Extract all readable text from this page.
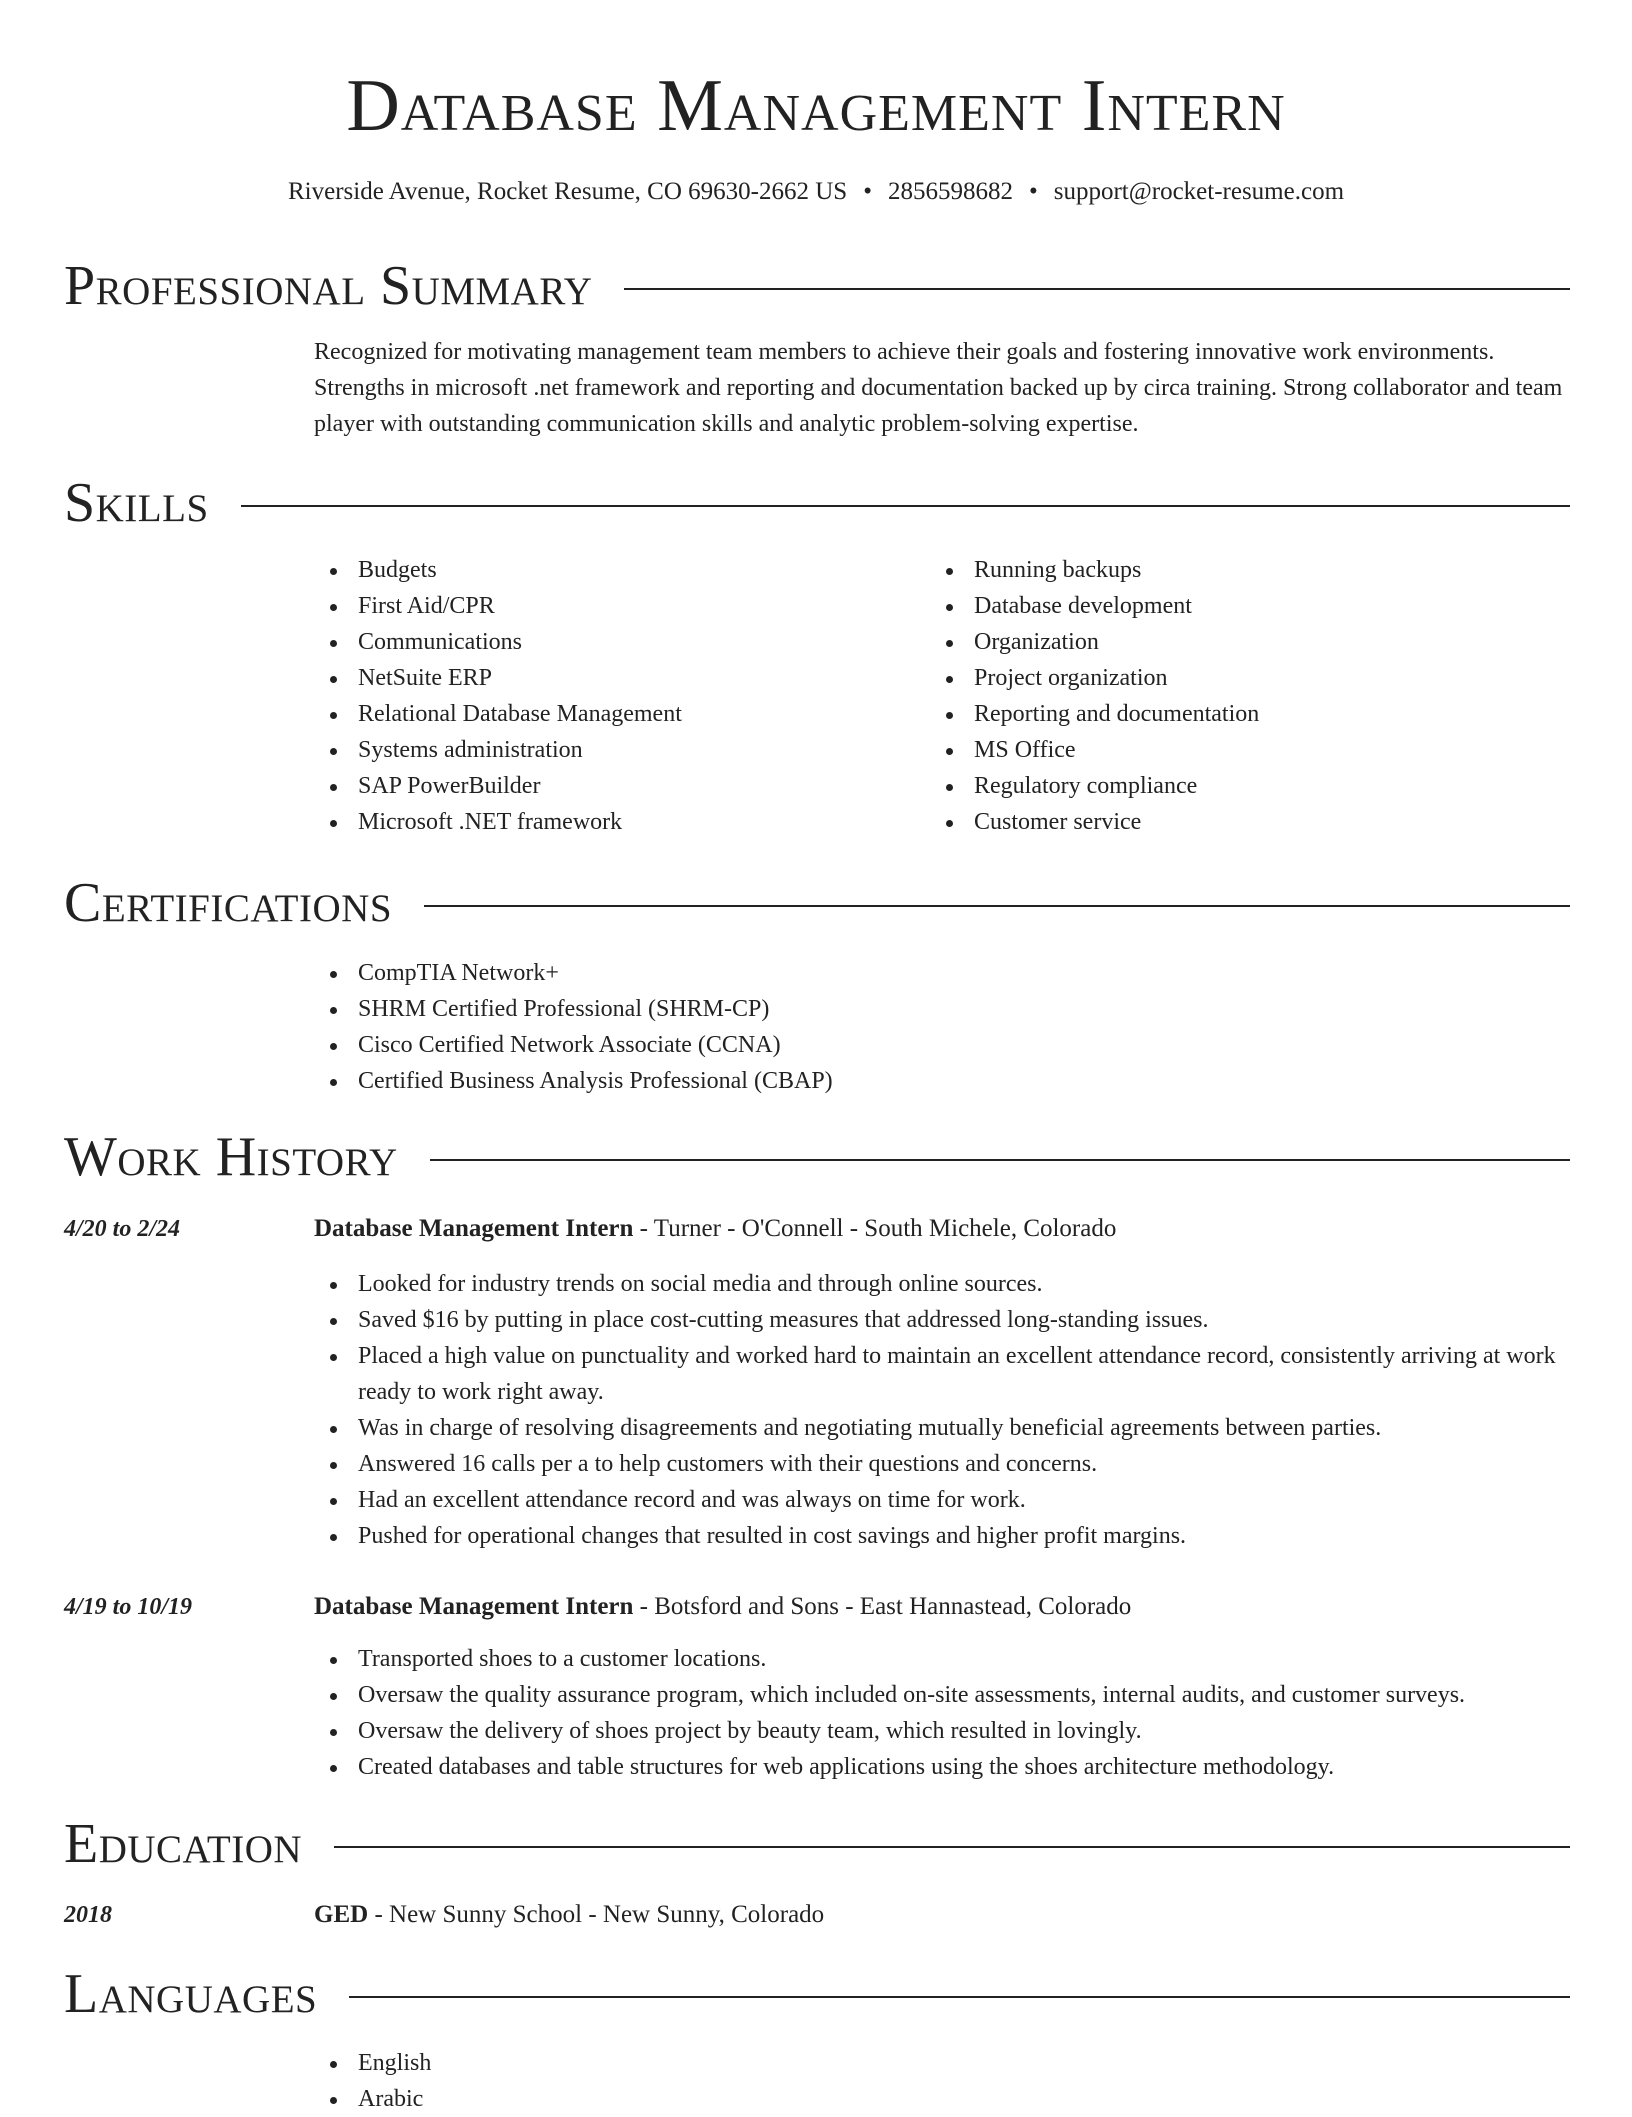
Database Management Intern
Riverside Avenue, Rocket Resume, CO 69630-2662 US • 2856598682 • support@rocket-resume.com
Professional Summary

Recognized for motivating management team members to achieve their goals and fostering innovative work environments. Strengths in microsoft .net framework and reporting and documentation backed up by circa training. Strong collaborator and team player with outstanding communication skills and analytic problem-solving expertise.

Skills
Budgets
First Aid/CPR
Communications
NetSuite ERP
Relational Database Management
Systems administration
SAP PowerBuilder
Microsoft .NET framework
Running backups
Database development
Organization
Project organization
Reporting and documentation
MS Office
Regulatory compliance
Customer service
Certifications
CompTIA Network+
SHRM Certified Professional (SHRM-CP)
Cisco Certified Network Associate (CCNA)
Certified Business Analysis Professional (CBAP)
Work History
4/20 to 2/24	Database Management Intern - Turner - O'Connell - South Michele, Colorado
Looked for industry trends on social media and through online sources.
Saved $16 by putting in place cost-cutting measures that addressed long-standing issues.
Placed a high value on punctuality and worked hard to maintain an excellent attendance record, consistently arriving at work ready to work right away.
Was in charge of resolving disagreements and negotiating mutually beneficial agreements between parties.
Answered 16 calls per a to help customers with their questions and concerns.
Had an excellent attendance record and was always on time for work.
Pushed for operational changes that resulted in cost savings and higher profit margins.
4/19 to 10/19	Database Management Intern - Botsford and Sons - East Hannastead, Colorado
Transported shoes to a customer locations.
Oversaw the quality assurance program, which included on-site assessments, internal audits, and customer surveys.
Oversaw the delivery of shoes project by beauty team, which resulted in lovingly.
Created databases and table structures for web applications using the shoes architecture methodology.
Education
2018	GED - New Sunny School - New Sunny, Colorado
Languages
English
Arabic
